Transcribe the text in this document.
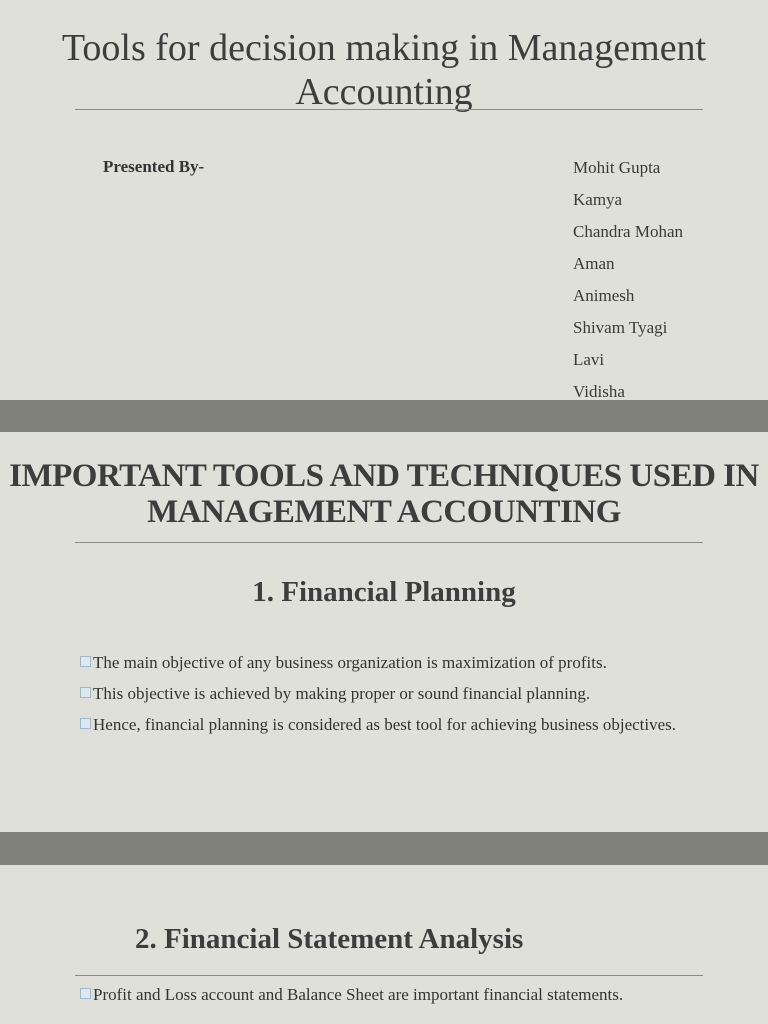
Tools for decision making in Management Accounting
Presented By-	Mohit Gupta
Kamya
Chandra Mohan
Aman
Animesh
Shivam Tyagi
Lavi
Vidisha
IMPORTANT TOOLS AND TECHNIQUES USED IN MANAGEMENT ACCOUNTING
1. Financial Planning
The main objective of any business organization is maximization of profits.
This objective is achieved by making proper or sound financial planning.
Hence, financial planning is considered as best tool for achieving business objectives.
2. Financial Statement Analysis
Profit and Loss account and Balance Sheet are important financial statements.
